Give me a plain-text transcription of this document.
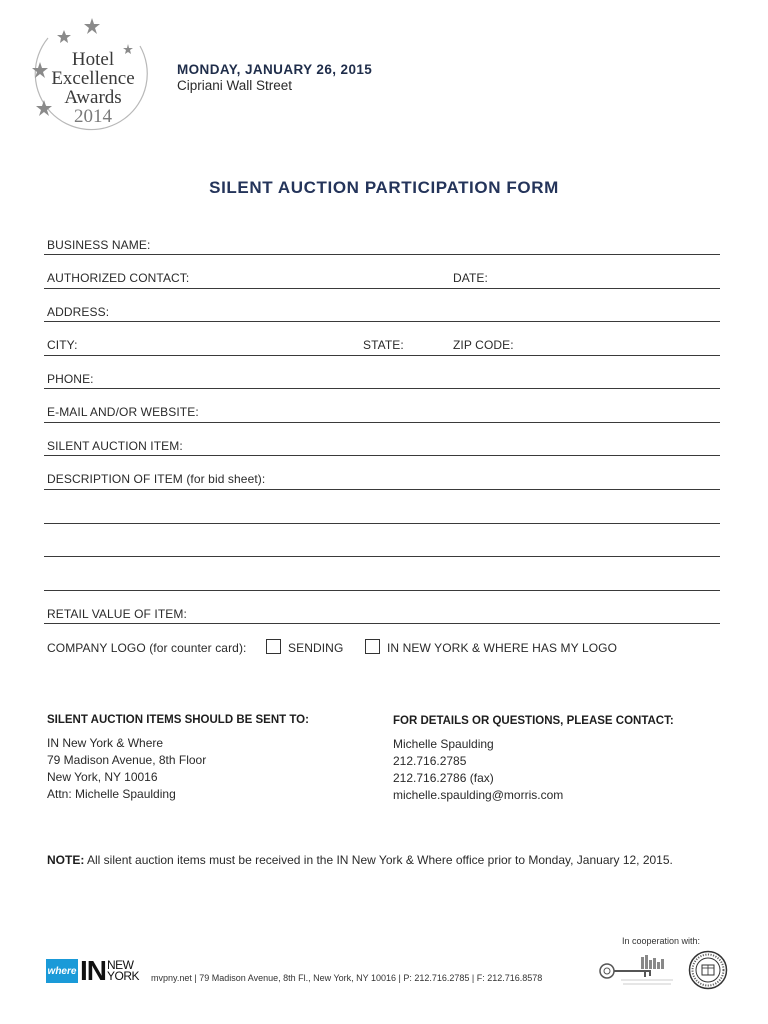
Hotel
Excellence
Awards
2014
MONDAY, JANUARY 26, 2015
Cipriani Wall Street
SILENT AUCTION PARTICIPATION FORM
BUSINESS NAME:
AUTHORIZED CONTACT:	DATE:
ADDRESS:
CITY:	STATE:	ZIP CODE:
PHONE:
E-MAIL AND/OR WEBSITE:
SILENT AUCTION ITEM:
DESCRIPTION OF ITEM (for bid sheet):
RETAIL VALUE OF ITEM:
COMPANY LOGO (for counter card):	SENDING	IN NEW YORK & WHERE HAS MY LOGO
SILENT AUCTION ITEMS SHOULD BE SENT TO:
IN New York & Where
79 Madison Avenue, 8th Floor
New York, NY 10016
Attn: Michelle Spaulding
FOR DETAILS OR QUESTIONS, PLEASE CONTACT:
Michelle Spaulding
212.716.2785
212.716.2786 (fax)
michelle.spaulding@morris.com
NOTE: All silent auction items must be received in the IN New York & Where office prior to Monday, January 12, 2015.
In cooperation with:
where IN NEW
YORK mvpny.net | 79 Madison Avenue, 8th Fl., New York, NY 10016 | P: 212.716.2785 | F: 212.716.8578
